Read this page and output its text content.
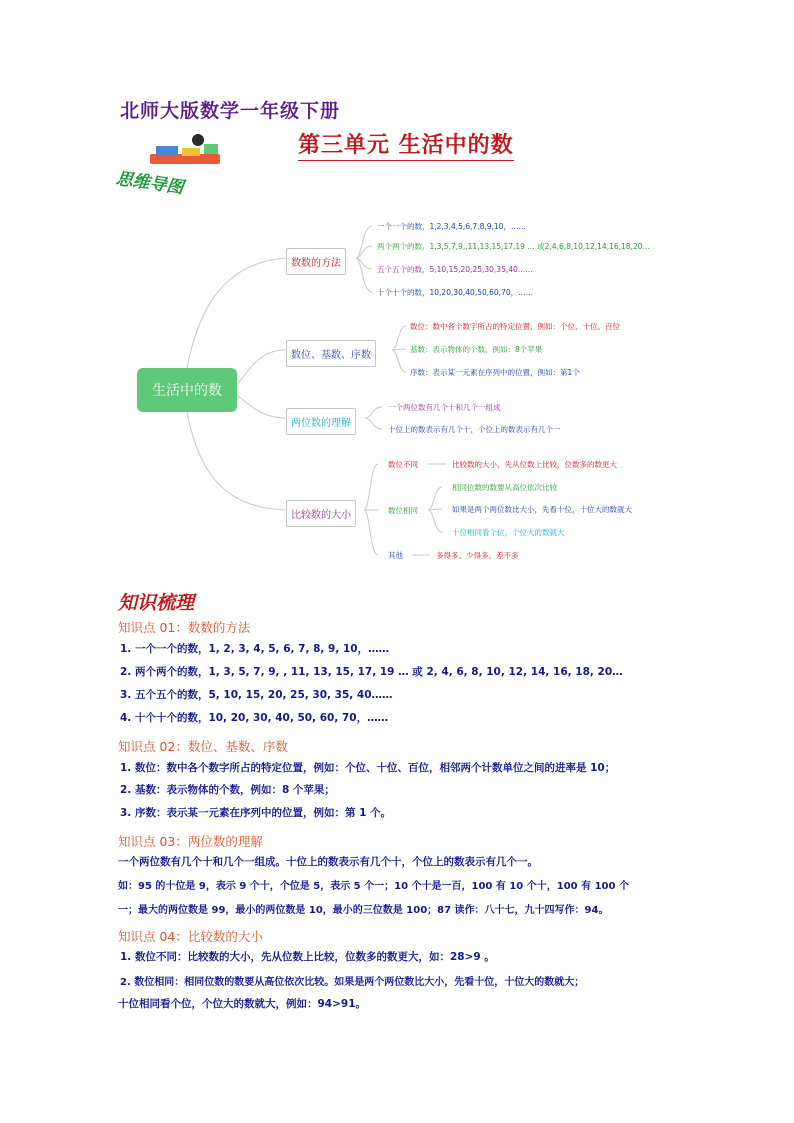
北师大版数学一年级下册
第三单元 生活中的数
思维导图
生活中的数
数数的方法
一个一个的数，1,2,3,4,5,6,7,8,9,10，……
两个两个的数，1,3,5,7,9,,11,13,15,17,19 … 或2,4,6,8,10,12,14,16,18,20…
五个五个的数，5,10,15,20,25,30,35,40……
十个十个的数，10,20,30,40,50,60,70，……
数位、基数、序数
数位：数中各个数字所占的特定位置，例如：个位、十位、百位
基数：表示物体的个数，例如：8个苹果
序数：表示某一元素在序列中的位置，例如：第1个
两位数的理解
一个两位数有几个十和几个一组成
十位上的数表示有几个十，个位上的数表示有几个一
比较数的大小
数位不同	比较数的大小，先从位数上比较，位数多的数更大
数位相同
相同位数的数要从高位依次比较
如果是两个两位数比大小，先看十位，十位大的数就大
十位相同看个位，个位大的数就大
其他	多得多、少得多、差不多
知识梳理
知识点 01：数数的方法
1. 一个一个的数，1, 2, 3, 4, 5, 6, 7, 8, 9, 10，……
2. 两个两个的数，1, 3, 5, 7, 9, , 11, 13, 15, 17, 19 … 或 2, 4, 6, 8, 10, 12, 14, 16, 18, 20…
3. 五个五个的数，5, 10, 15, 20, 25, 30, 35, 40……
4. 十个十个的数，10, 20, 30, 40, 50, 60, 70，……
知识点 02：数位、基数、序数
1. 数位：数中各个数字所占的特定位置，例如：个位、十位、百位，相邻两个计数单位之间的进率是 10；
2. 基数：表示物体的个数，例如：8 个苹果；
3. 序数：表示某一元素在序列中的位置，例如：第 1 个。
知识点 03：两位数的理解
一个两位数有几个十和几个一组成。十位上的数表示有几个十，个位上的数表示有几个一。
如：95 的十位是 9，表示 9 个十，个位是 5，表示 5 个一；10 个十是一百，100 有 10 个十，100 有 100 个
一；最大的两位数是 99，最小的两位数是 10，最小的三位数是 100；87 读作：八十七，九十四写作：94。
知识点 04：比较数的大小
1. 数位不同：比较数的大小，先从位数上比较，位数多的数更大，如：28>9 。
2. 数位相同：相同位数的数要从高位依次比较。如果是两个两位数比大小，先看十位，十位大的数就大；
十位相同看个位，个位大的数就大，例如：94>91。
